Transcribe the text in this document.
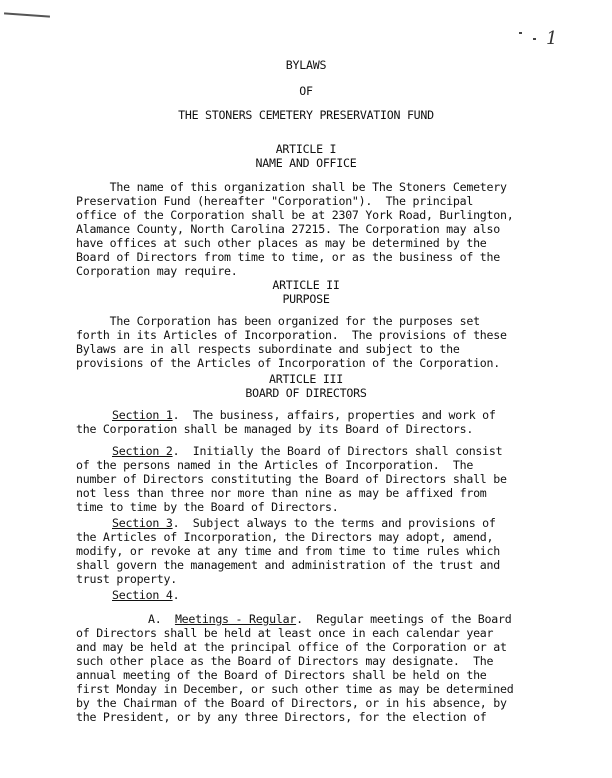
1
BYLAWS
OF
THE STONERS CEMETERY PRESERVATION FUND
ARTICLE I
NAME AND OFFICE
The name of this organization shall be The Stoners Cemetery
Preservation Fund (hereafter "Corporation").  The principal
office of the Corporation shall be at 2307 York Road, Burlington,
Alamance County, North Carolina 27215. The Corporation may also
have offices at such other places as may be determined by the
Board of Directors from time to time, or as the business of the
Corporation may require.
ARTICLE II
PURPOSE
The Corporation has been organized for the purposes set
forth in its Articles of Incorporation.  The provisions of these
Bylaws are in all respects subordinate and subject to the
provisions of the Articles of Incorporation of the Corporation.
ARTICLE III
BOARD OF DIRECTORS
Section 1.  The business, affairs, properties and work of
the Corporation shall be managed by its Board of Directors.
Section 2.  Initially the Board of Directors shall consist
of the persons named in the Articles of Incorporation.  The
number of Directors constituting the Board of Directors shall be
not less than three nor more than nine as may be affixed from
time to time by the Board of Directors.
Section 3.  Subject always to the terms and provisions of
the Articles of Incorporation, the Directors may adopt, amend,
modify, or revoke at any time and from time to time rules which
shall govern the management and administration of the trust and
trust property.
Section 4.
A. Meetings - Regular.  Regular meetings of the Board
of Directors shall be held at least once in each calendar year
and may be held at the principal office of the Corporation or at
such other place as the Board of Directors may designate.  The
annual meeting of the Board of Directors shall be held on the
first Monday in December, or such other time as may be determined
by the Chairman of the Board of Directors, or in his absence, by
the President, or by any three Directors, for the election of
